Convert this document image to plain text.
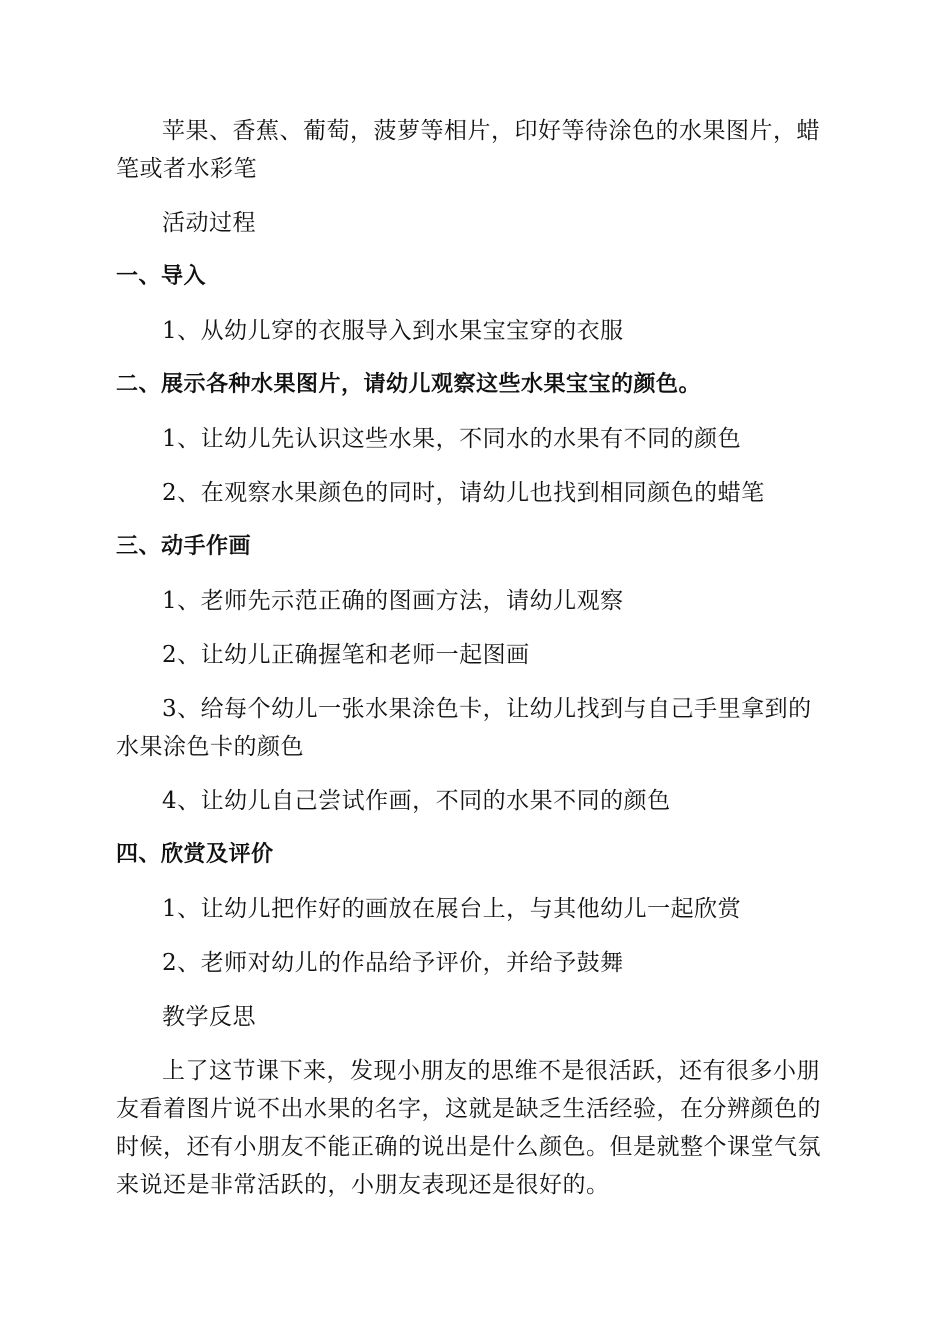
苹果、香蕉、葡萄，菠萝等相片，印好等待涂色的水果图片，蜡笔或者水彩笔

活动过程

一、导入

1、从幼儿穿的衣服导入到水果宝宝穿的衣服

二、展示各种水果图片，请幼儿观察这些水果宝宝的颜色。

1、让幼儿先认识这些水果，不同水的水果有不同的颜色

2、在观察水果颜色的同时，请幼儿也找到相同颜色的蜡笔

三、动手作画

1、老师先示范正确的图画方法，请幼儿观察

2、让幼儿正确握笔和老师一起图画

3、给每个幼儿一张水果涂色卡，让幼儿找到与自己手里拿到的水果涂色卡的颜色

4、让幼儿自己尝试作画，不同的水果不同的颜色

四、欣赏及评价

1、让幼儿把作好的画放在展台上，与其他幼儿一起欣赏

2、老师对幼儿的作品给予评价，并给予鼓舞

教学反思

上了这节课下来，发现小朋友的思维不是很活跃，还有很多小朋友看着图片说不出水果的名字，这就是缺乏生活经验，在分辨颜色的时候，还有小朋友不能正确的说出是什么颜色。但是就整个课堂气氛来说还是非常活跃的，小朋友表现还是很好的。
